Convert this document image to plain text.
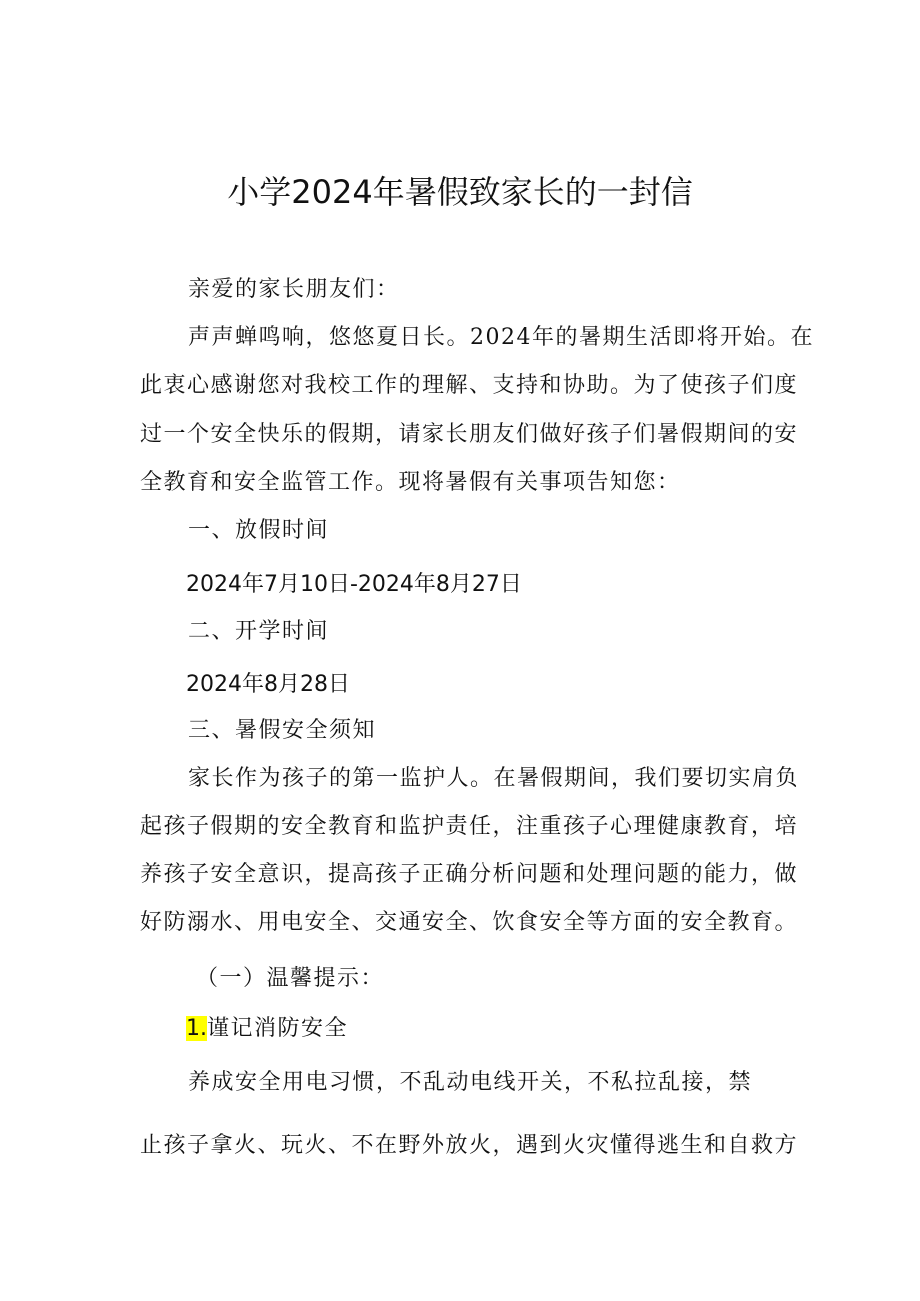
小学2024年暑假致家长的一封信
亲爱的家长朋友们：
声声蝉鸣响，悠悠夏日长。2024年的暑期生活即将开始。在
此衷心感谢您对我校工作的理解、支持和协助。为了使孩子们度
过一个安全快乐的假期，请家长朋友们做好孩子们暑假期间的安
全教育和安全监管工作。现将暑假有关事项告知您：
一、放假时间
2024年7月10日-2024年8月27日
二、开学时间
2024年8月28日
三、暑假安全须知
家长作为孩子的第一监护人。在暑假期间，我们要切实肩负
起孩子假期的安全教育和监护责任，注重孩子心理健康教育，培
养孩子安全意识，提高孩子正确分析问题和处理问题的能力，做
好防溺水、用电安全、交通安全、饮食安全等方面的安全教育。
（一）温馨提示：
1.谨记消防安全
养成安全用电习惯，不乱动电线开关，不私拉乱接，禁
止孩子拿火、玩火、不在野外放火，遇到火灾懂得逃生和自救方
